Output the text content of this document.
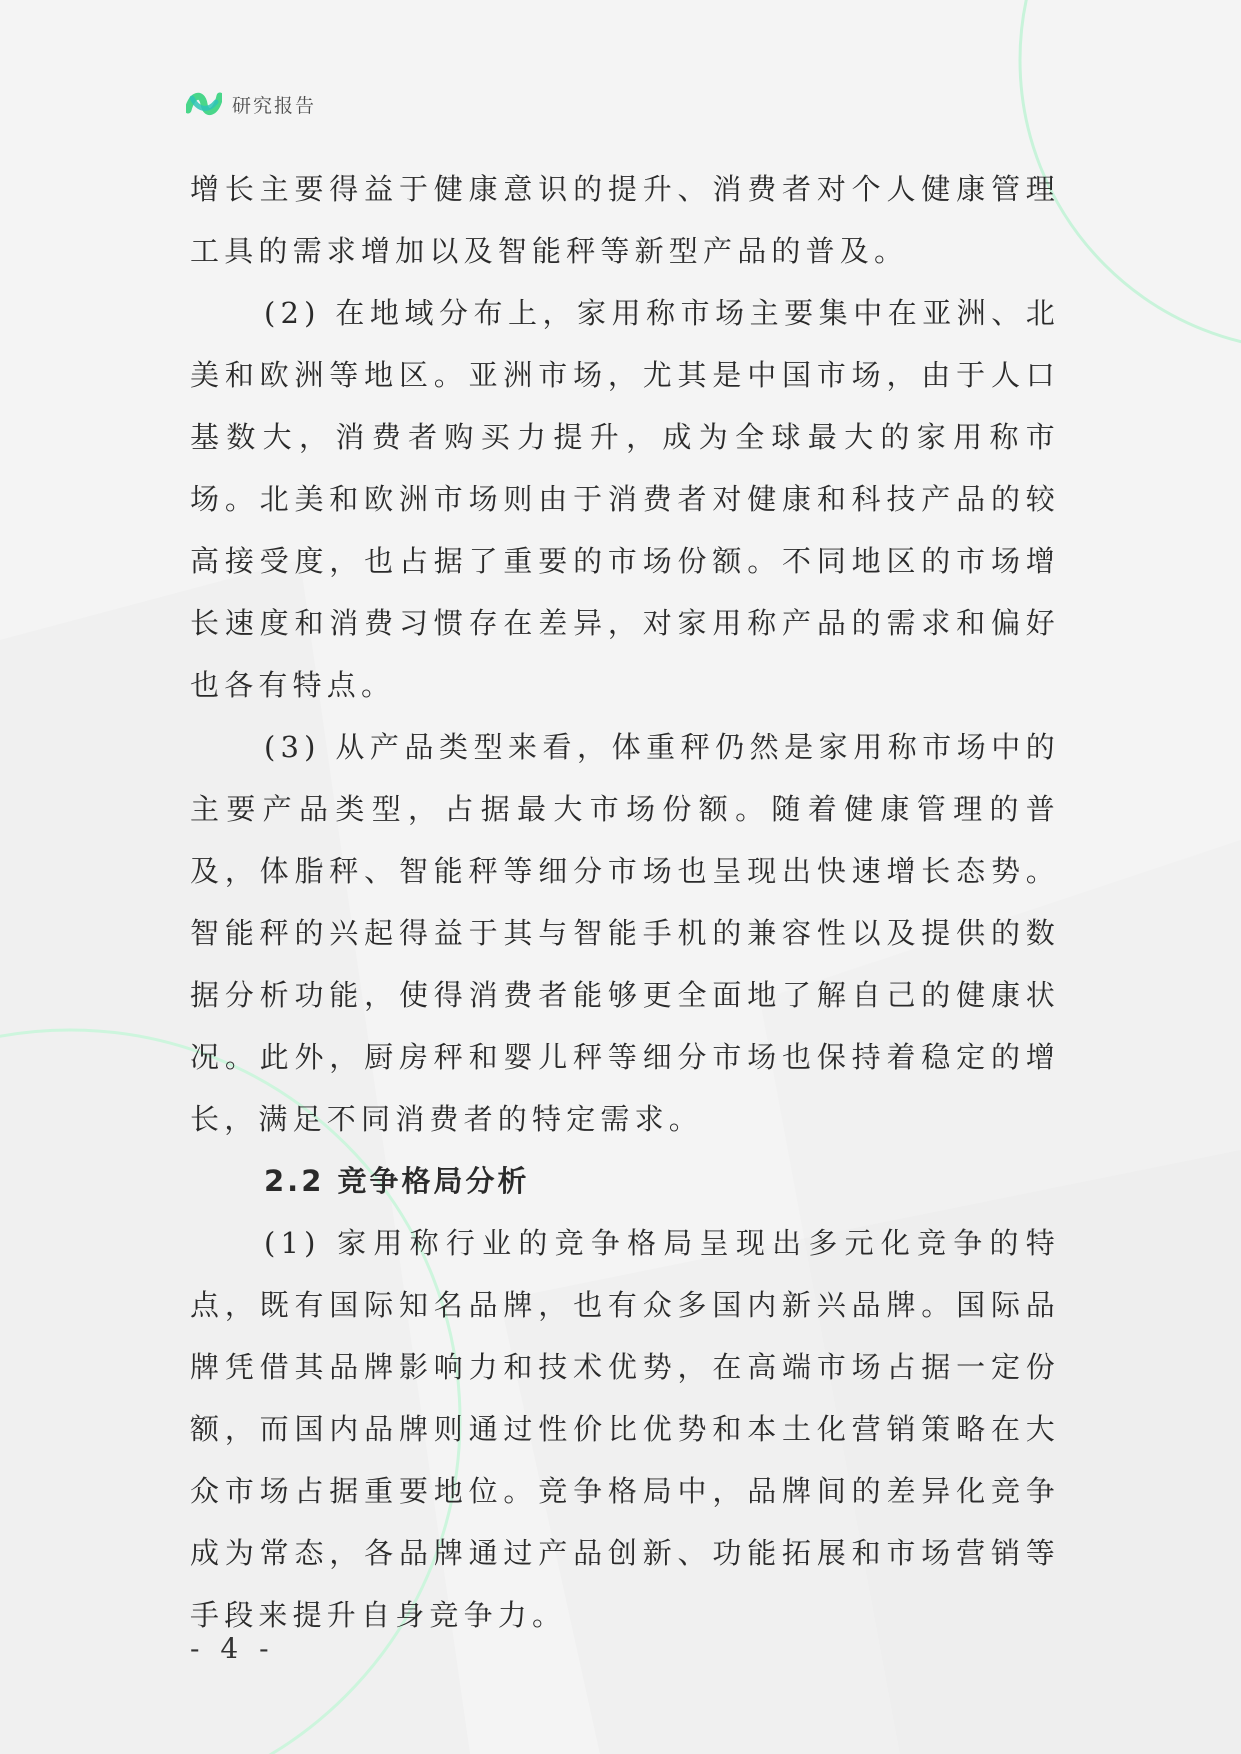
研究报告

增长主要得益于健康意识的提升、消费者对个人健康管理工具的需求增加以及智能秤等新型产品的普及。

(2) 在地域分布上，家用称市场主要集中在亚洲、北美和欧洲等地区。亚洲市场，尤其是中国市场，由于人口基数大，消费者购买力提升，成为全球最大的家用称市场。北美和欧洲市场则由于消费者对健康和科技产品的较高接受度，也占据了重要的市场份额。不同地区的市场增长速度和消费习惯存在差异，对家用称产品的需求和偏好也各有特点。

(3) 从产品类型来看，体重秤仍然是家用称市场中的主要产品类型，占据最大市场份额。随着健康管理的普及，体脂秤、智能秤等细分市场也呈现出快速增长态势。智能秤的兴起得益于其与智能手机的兼容性以及提供的数据分析功能，使得消费者能够更全面地了解自己的健康状况。此外，厨房秤和婴儿秤等细分市场也保持着稳定的增长，满足不同消费者的特定需求。

2.2 竞争格局分析

(1) 家用称行业的竞争格局呈现出多元化竞争的特点，既有国际知名品牌，也有众多国内新兴品牌。国际品牌凭借其品牌影响力和技术优势，在高端市场占据一定份额，而国内品牌则通过性价比优势和本土化营销策略在大众市场占据重要地位。竞争格局中，品牌间的差异化竞争成为常态，各品牌通过产品创新、功能拓展和市场营销等手段来提升自身竞争力。

- 4 -
